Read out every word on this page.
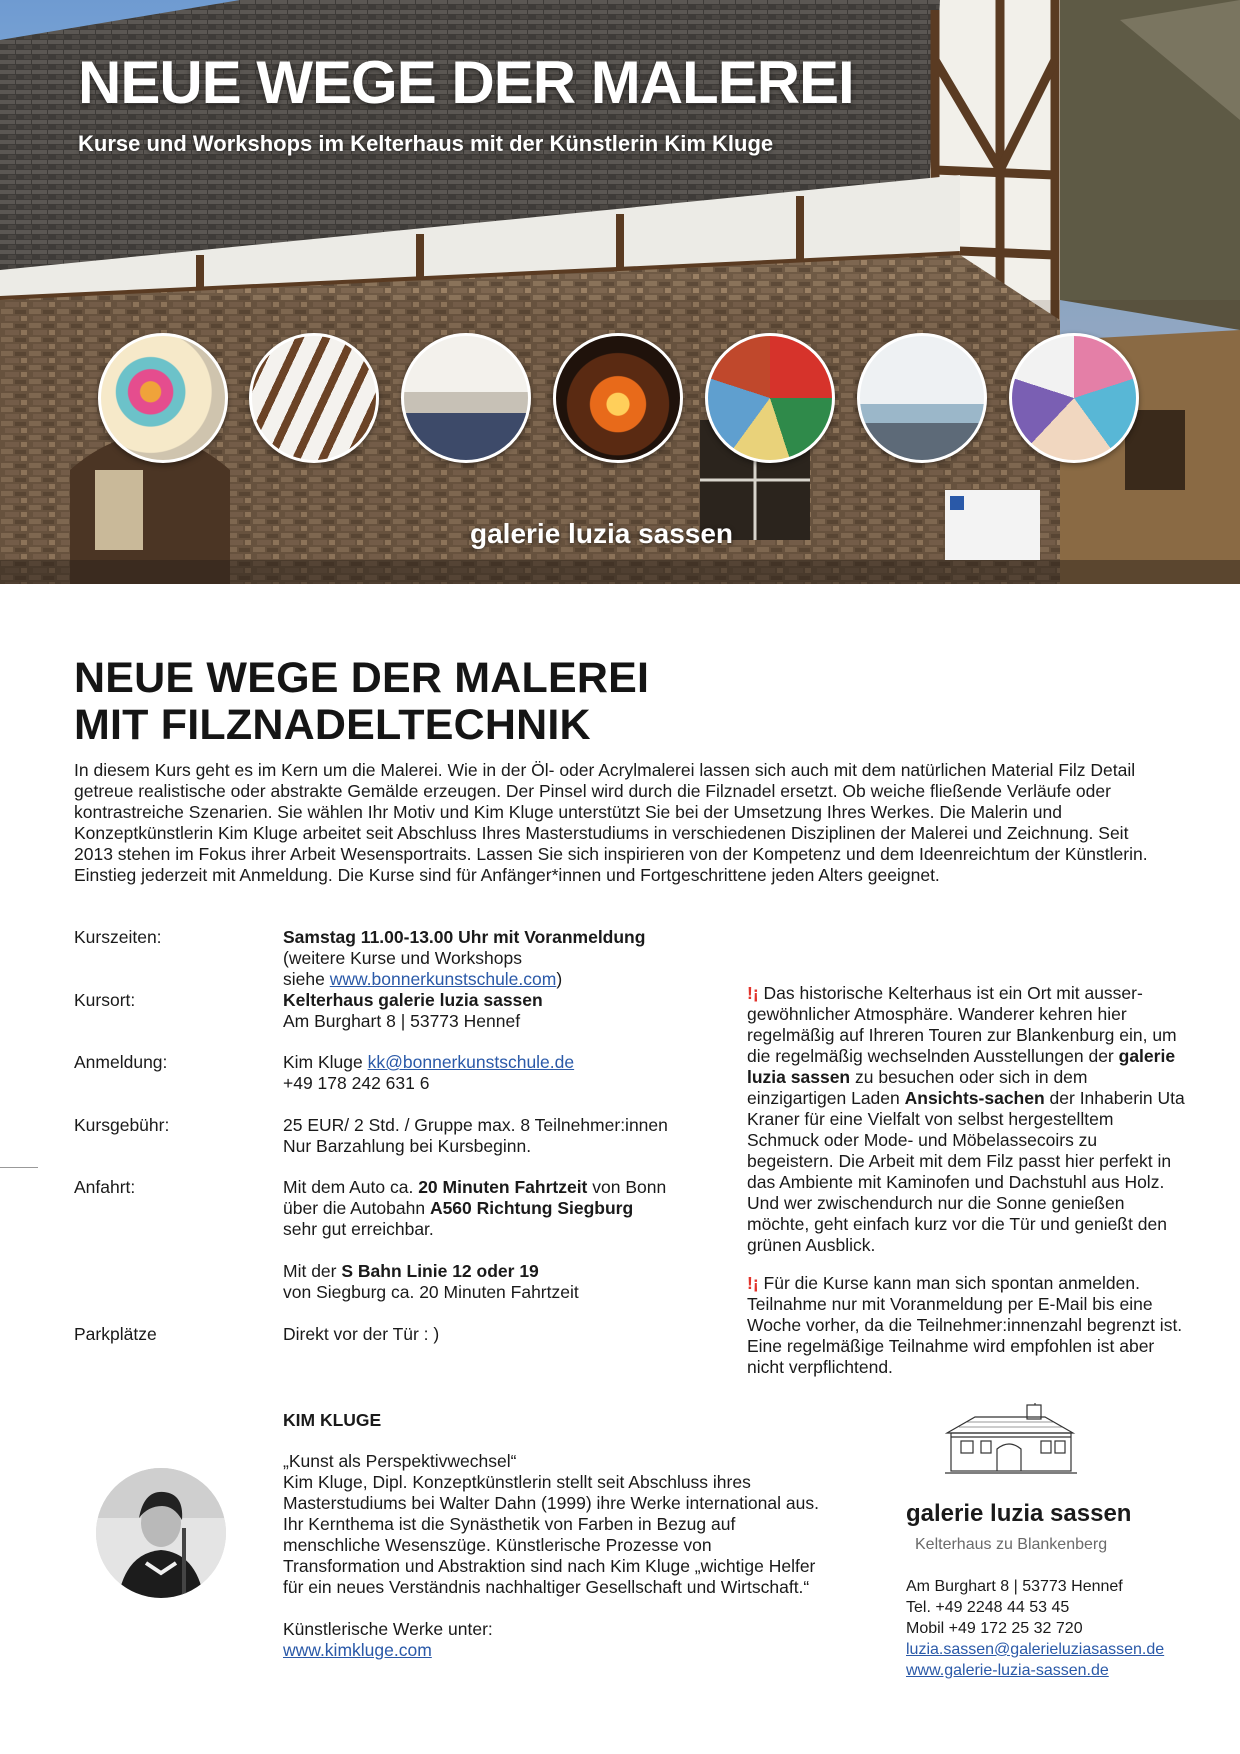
NEUE WEGE DER MALEREI

Kurse und Workshops im Kelterhaus mit der Künstlerin Kim Kluge

galerie luzia sassen
NEUE WEGE DER MALEREI
MIT FILZNADELTECHNIK

In diesem Kurs geht es im Kern um die Malerei. Wie in der Öl- oder Acrylmalerei lassen sich auch mit dem natürlichen Material Filz Detail getreue realistische oder abstrakte Gemälde erzeugen. Der Pinsel wird durch die Filznadel ersetzt. Ob weiche fließende Verläufe oder kontrastreiche Szenarien. Sie wählen Ihr Motiv und Kim Kluge unterstützt Sie bei der Umsetzung Ihres Werkes. Die Malerin und Konzeptkünstlerin Kim Kluge arbeitet seit Abschluss Ihres Masterstudiums in verschiedenen Disziplinen der Malerei und Zeichnung. Seit 2013 stehen im Fokus ihrer Arbeit Wesensportraits. Lassen Sie sich inspirieren von der Kompetenz und dem Ideenreichtum der Künstlerin. Einstieg jederzeit mit Anmeldung. Die Kurse sind für Anfänger*innen und Fortgeschrittene jeden Alters geeignet.

Kurszeiten:	Samstag 11.00-13.00 Uhr mit Voranmeldung
(weitere Kurse und Workshops
siehe www.bonnerkunstschule.com)
Kursort:	Kelterhaus galerie luzia sassen
Am Burghart 8 | 53773 Hennef
Anmeldung:	Kim Kluge kk@bonnerkunstschule.de
+49 178 242 631 6
Kursgebühr:	25 EUR/ 2 Std. / Gruppe max. 8 Teilnehmer:innen
Nur Barzahlung bei Kursbeginn.
Anfahrt:	Mit dem Auto ca. 20 Minuten Fahrtzeit von Bonn
über die Autobahn A560 Richtung Siegburg
sehr gut erreichbar.

Mit der S Bahn Linie 12 oder 19
von Siegburg ca. 20 Minuten Fahrtzeit
Parkplätze	Direkt vor der Tür : )

!¡ Das historische Kelterhaus ist ein Ort mit ausser-gewöhnlicher Atmosphäre. Wanderer kehren hier regelmäßig auf Ihreren Touren zur Blankenburg ein, um die regelmäßig wechselnden Ausstellungen der galerie luzia sassen zu besuchen oder sich in dem einzigartigen Laden Ansichts-sachen der Inhaberin Uta Kraner für eine Vielfalt von selbst hergestelltem Schmuck oder Mode- und Möbelassecoirs zu begeistern. Die Arbeit mit dem Filz passt hier perfekt in das Ambiente mit Kaminofen und Dachstuhl aus Holz. Und wer zwischendurch nur die Sonne genießen möchte, geht einfach kurz vor die Tür und genießt den grünen Ausblick.

!¡ Für die Kurse kann man sich spontan anmelden. Teilnahme nur mit Voranmeldung per E-Mail bis eine Woche vorher, da die Teilnehmer:innenzahl begrenzt ist. Eine regelmäßige Teilnahme wird empfohlen ist aber nicht verpflichtend.

KIM KLUGE

„Kunst als Perspektivwechsel“
Kim Kluge, Dipl. Konzeptkünstlerin stellt seit Abschluss ihres Masterstudiums bei Walter Dahn (1999) ihre Werke international aus. Ihr Kernthema ist die Synästhetik von Farben in Bezug auf menschliche Wesenszüge. Künstlerische Prozesse von Transformation und Abstraktion sind nach Kim Kluge „wichtige Helfer für ein neues Verständnis nachhaltiger Gesellschaft und Wirtschaft.“

Künstlerische Werke unter:
www.kimkluge.com

galerie luzia sassen
Kelterhaus zu Blankenberg

Am Burghart 8 | 53773 Hennef
Tel. +49 2248 44 53 45
Mobil +49 172 25 32 720
luzia.sassen@galerieluziasassen.de
www.galerie-luzia-sassen.de
